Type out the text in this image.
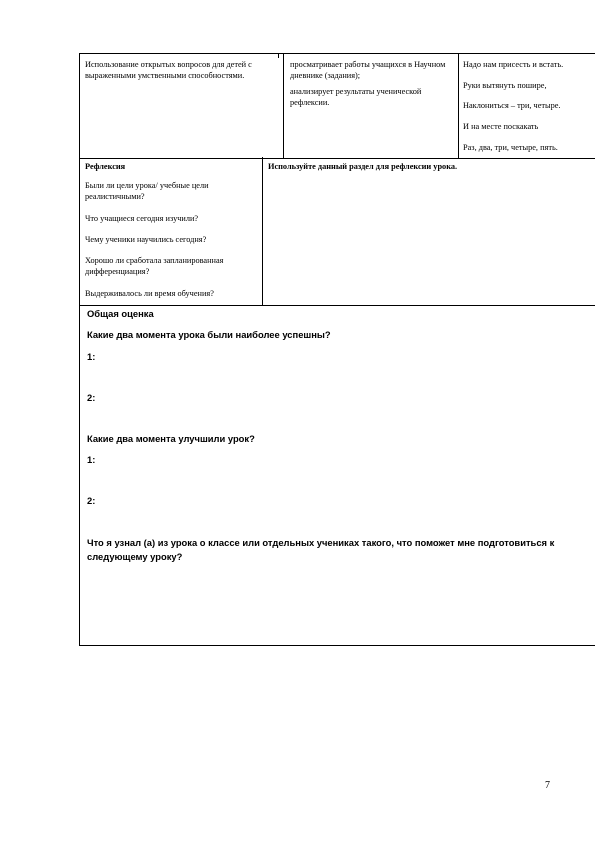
Использование открытых вопросов для детей с выраженными умственными способностями.
просматривает работы учащихся в Научном дневнике (задания);
анализирует результаты ученической рефлексии.
Надо нам присесть и встать.
Руки вытянуть пошире,
Наклониться – три, четыре.
И на месте поскакать
Раз, два, три, четыре, пять.
Рефлексия
Были ли цели урока/ учебные цели реалистичными?
Что учащиеся сегодня изучили?
Чему ученики научились сегодня?
Хорошо ли сработала запланированная дифференциация?
Выдерживалось ли время обучения?
Используйте данный раздел для рефлексии урока.
Общая оценка
Какие два момента урока были наиболее успешны?
1:
2:
Какие два момента улучшили урок?
1:
2:
Что я узнал (а) из урока о классе или отдельных учениках такого, что поможет мне подготовиться к
следующему уроку?
7
